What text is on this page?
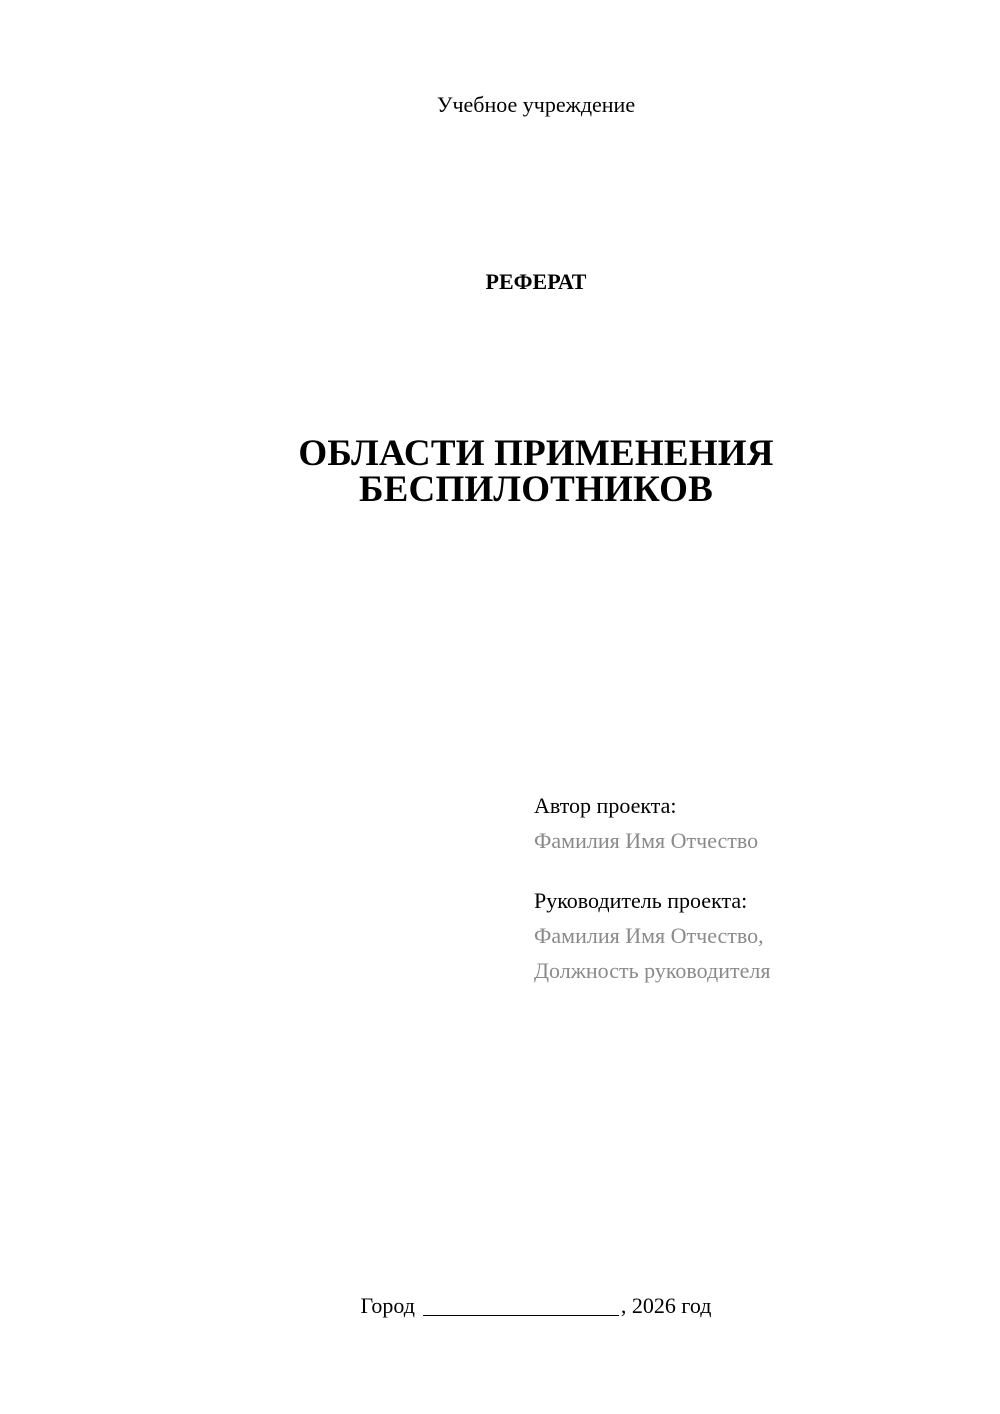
Учебное учреждение
РЕФЕРАТ
ОБЛАСТИ ПРИМЕНЕНИЯ
БЕСПИЛОТНИКОВ
Автор проекта:
Фамилия Имя Отчество
Руководитель проекта:
Фамилия Имя Отчество,
Должность руководителя
Город	, 2026 год
